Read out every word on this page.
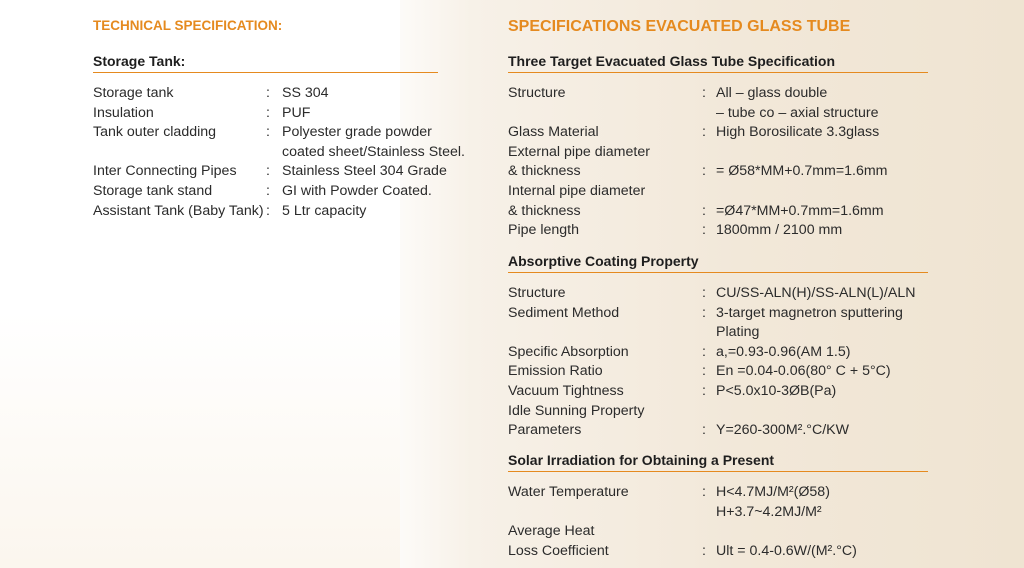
TECHNICAL SPECIFICATION:
Storage Tank:
Storage tank	: SS 304
Insulation	: PUF
Tank outer cladding	: Polyester grade powder
coated sheet/Stainless Steel.
Inter Connecting Pipes : Stainless Steel 304 Grade
Storage tank stand	: GI with Powder Coated.
Assistant Tank (Baby Tank) : 5 Ltr capacity
SPECIFICATIONS EVACUATED GLASS TUBE
Three Target Evacuated Glass Tube Specification
Structure	: All – glass double
– tube co – axial structure
Glass Material	: High Borosilicate 3.3glass
External pipe diameter
& thickness	: = Ø58*MM+0.7mm=1.6mm
Internal pipe diameter
& thickness	: =Ø47*MM+0.7mm=1.6mm
Pipe length	: 1800mm / 2100 mm
Absorptive Coating Property
Structure	: CU/SS-ALN(H)/SS-ALN(L)/ALN
Sediment Method	: 3-target magnetron sputtering
Plating
Specific Absorption	: a,=0.93-0.96(AM 1.5)
Emission Ratio	: En =0.04-0.06(80° C + 5°C)
Vacuum Tightness	: P<5.0x10-3ØB(Pa)
Idle Sunning Property
Parameters	: Y=260-300M².°C/KW
Solar Irradiation for Obtaining a Present
Water Temperature	: H<4.7MJ/M²(Ø58)
H+3.7~4.2MJ/M²
Average Heat
Loss Coefficient	: Ult = 0.4-0.6W/(M².°C)
